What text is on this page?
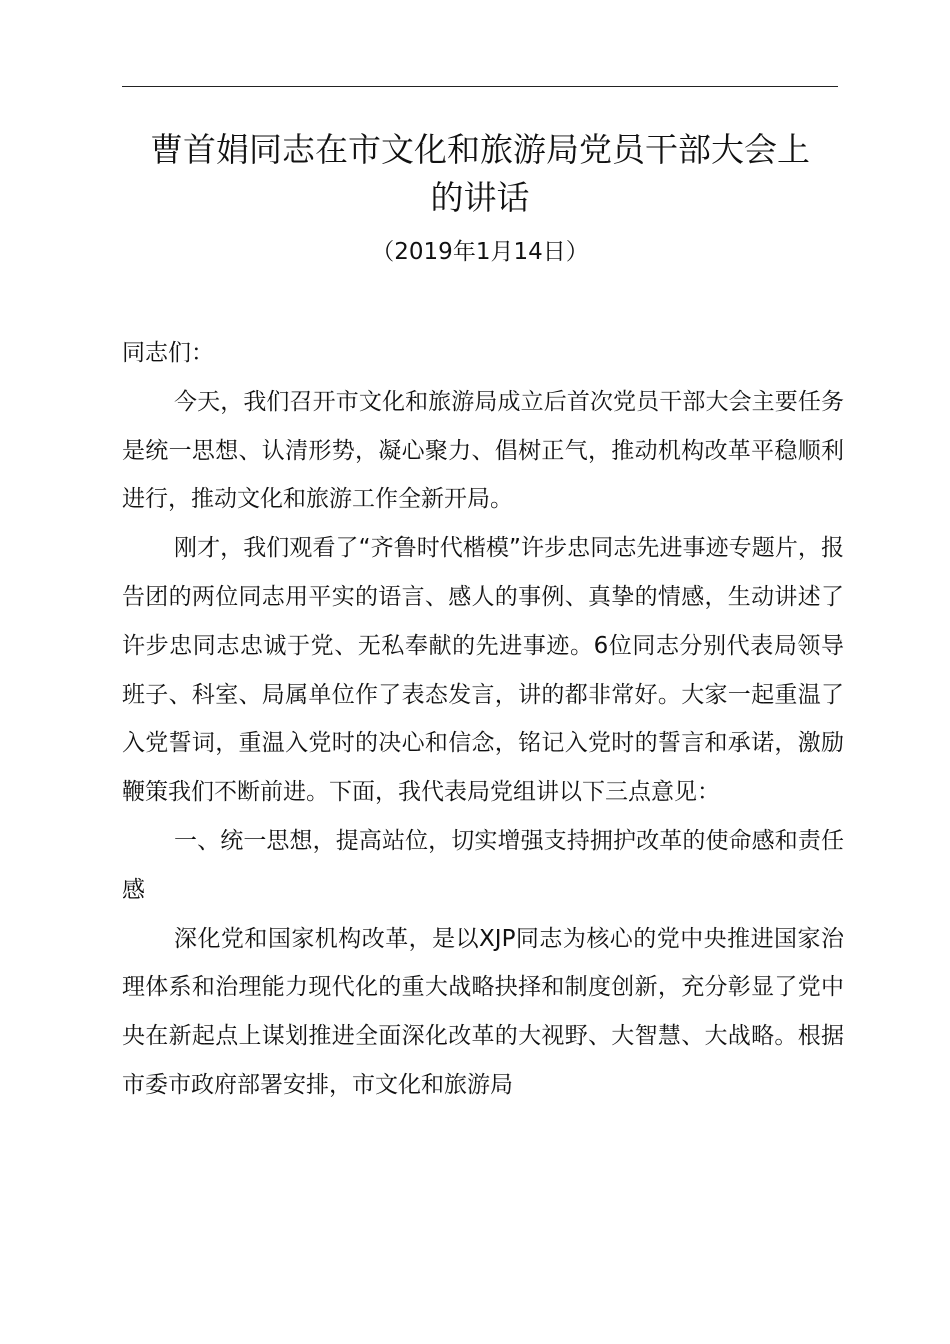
曹首娟同志在市文化和旅游局党员干部大会上
的讲话
（2019年1月14日）

同志们：

今天，我们召开市文化和旅游局成立后首次党员干部大会主要任务是统一思想、认清形势，凝心聚力、倡树正气，推动机构改革平稳顺利进行，推动文化和旅游工作全新开局。

刚才，我们观看了“齐鲁时代楷模”许步忠同志先进事迹专题片，报告团的两位同志用平实的语言、感人的事例、真挚的情感，生动讲述了许步忠同志忠诚于党、无私奉献的先进事迹。6位同志分别代表局领导班子、科室、局属单位作了表态发言，讲的都非常好。大家一起重温了入党誓词，重温入党时的决心和信念，铭记入党时的誓言和承诺，激励鞭策我们不断前进。下面，我代表局党组讲以下三点意见：

一、统一思想，提高站位，切实增强支持拥护改革的使命感和责任感

深化党和国家机构改革，是以XJP同志为核心的党中央推进国家治理体系和治理能力现代化的重大战略抉择和制度创新，充分彰显了党中央在新起点上谋划推进全面深化改革的大视野、大智慧、大战略。根据市委市政府部署安排，市文化和旅游局
